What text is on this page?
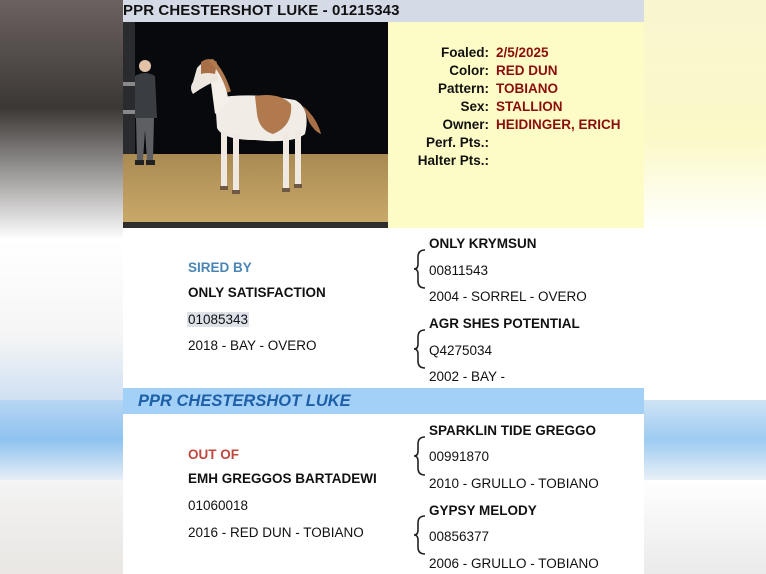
PPR CHESTERSHOT LUKE - 01215343
Foaled: 2/5/2025
Color: RED DUN
Pattern: TOBIANO
Sex: STALLION
Owner: HEIDINGER, ERICH
Perf. Pts.:
Halter Pts.:
SIRED BY
ONLY SATISFACTION
01085343
2018 - BAY - OVERO
ONLY KRYMSUN
00811543
2004 - SORREL - OVERO
AGR SHES POTENTIAL
Q4275034
2002 - BAY -
PPR CHESTERSHOT LUKE
OUT OF
EMH GREGGOS BARTADEWI
01060018
2016 - RED DUN - TOBIANO
SPARKLIN TIDE GREGGO
00991870
2010 - GRULLO - TOBIANO
GYPSY MELODY
00856377
2006 - GRULLO - TOBIANO
